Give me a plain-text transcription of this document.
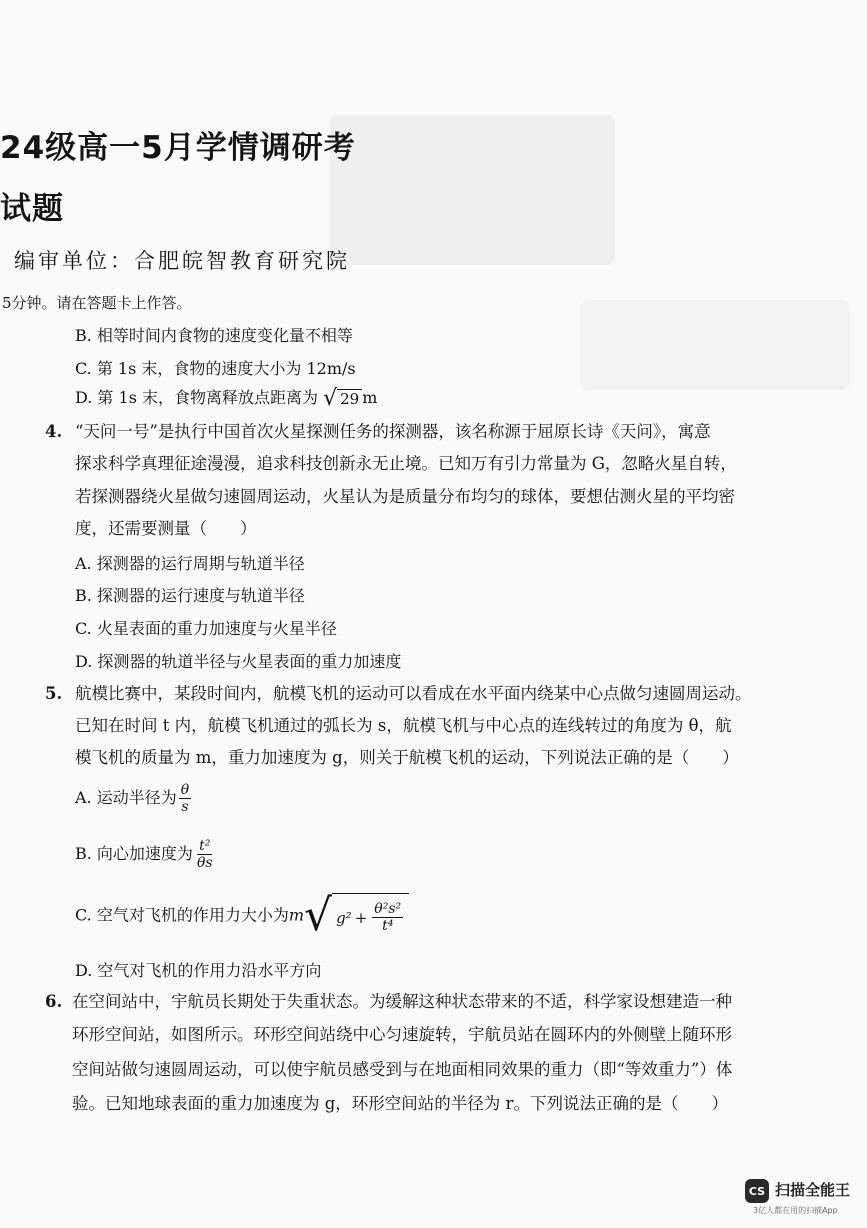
24级高一5月学情调研考
试题
编审单位：合肥皖智教育研究院
5分钟。请在答题卡上作答。
B. 相等时间内食物的速度变化量不相等
C. 第 1s 末，食物的速度大小为 12m/s
D. 第 1s 末，食物离释放点距离为 √ 29 m
4. “天问一号”是执行中国首次火星探测任务的探测器，该名称源于屈原长诗《天问》，寓意
探求科学真理征途漫漫，追求科技创新永无止境。已知万有引力常量为 G，忽略火星自转，
若探测器绕火星做匀速圆周运动，火星认为是质量分布均匀的球体，要想估测火星的平均密
度，还需要测量（　　）
A. 探测器的运行周期与轨道半径
B. 探测器的运行速度与轨道半径
C. 火星表面的重力加速度与火星半径
D. 探测器的轨道半径与火星表面的重力加速度
5. 航模比赛中，某段时间内，航模飞机的运动可以看成在水平面内绕某中心点做匀速圆周运动。
已知在时间 t 内，航模飞机通过的弧长为 s，航模飞机与中心点的连线转过的角度为 θ，航
模飞机的质量为 m，重力加速度为 g，则关于航模飞机的运动，下列说法正确的是（　　）
A. 运动半径为 $\frac{\theta}{s}$
B. 向心加速度为 $\frac{\text{t²}}{\theta s}$
C. 空气对飞机的作用力大小为m √ $g^2 + \frac{\text{θ²s²}}{\text{t⁴}}$
D. 空气对飞机的作用力沿水平方向
6. 在空间站中，宇航员长期处于失重状态。为缓解这种状态带来的不适，科学家设想建造一种
环形空间站，如图所示。环形空间站绕中心匀速旋转，宇航员站在圆环内的外侧壁上随环形
空间站做匀速圆周运动，可以使宇航员感受到与在地面相同效果的重力（即“等效重力”）体
验。已知地球表面的重力加速度为 g，环形空间站的半径为 r。下列说法正确的是（　　）
CS 扫描全能王
3亿人都在用的扫描App
